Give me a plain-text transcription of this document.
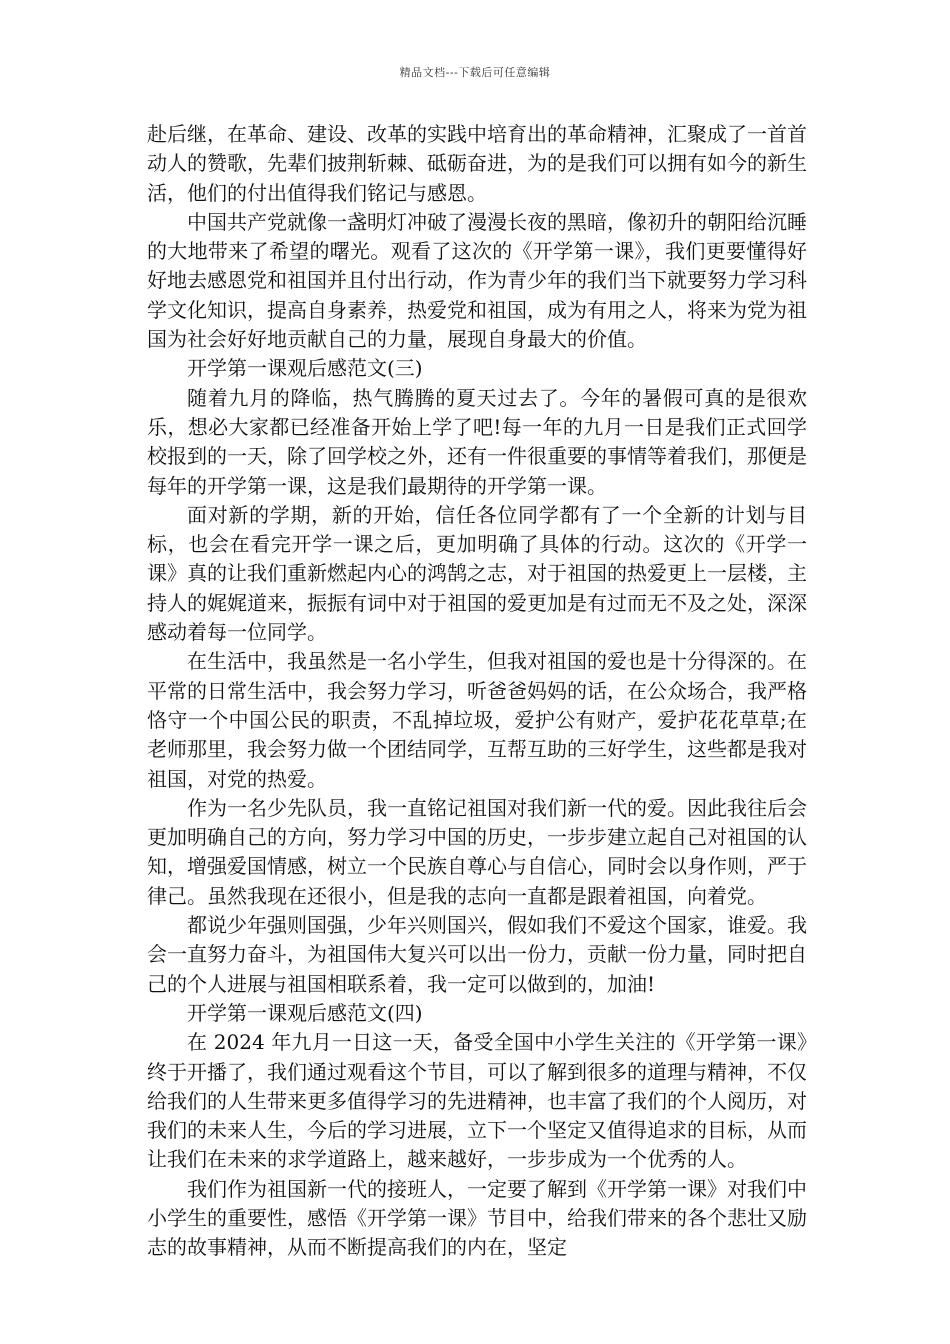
精品文档---下载后可任意编辑

赴后继，在革命、建设、改革的实践中培育出的革命精神，汇聚成了一首首动人的赞歌，先辈们披荆斩棘、砥砺奋进，为的是我们可以拥有如今的新生活，他们的付出值得我们铭记与感恩。

中国共产党就像一盏明灯冲破了漫漫长夜的黑暗，像初升的朝阳给沉睡的大地带来了希望的曙光。观看了这次的《开学第一课》，我们更要懂得好好地去感恩党和祖国并且付出行动，作为青少年的我们当下就要努力学习科学文化知识，提高自身素养，热爱党和祖国，成为有用之人，将来为党为祖国为社会好好地贡献自己的力量，展现自身最大的价值。

开学第一课观后感范文(三)

随着九月的降临，热气腾腾的夏天过去了。今年的暑假可真的是很欢乐，想必大家都已经准备开始上学了吧!每一年的九月一日是我们正式回学校报到的一天，除了回学校之外，还有一件很重要的事情等着我们，那便是每年的开学第一课，这是我们最期待的开学第一课。

面对新的学期，新的开始，信任各位同学都有了一个全新的计划与目标，也会在看完开学一课之后，更加明确了具体的行动。这次的《开学一课》真的让我们重新燃起内心的鸿鹄之志，对于祖国的热爱更上一层楼，主持人的娓娓道来，振振有词中对于祖国的爱更加是有过而无不及之处，深深感动着每一位同学。

在生活中，我虽然是一名小学生，但我对祖国的爱也是十分得深的。在平常的日常生活中，我会努力学习，听爸爸妈妈的话，在公众场合，我严格恪守一个中国公民的职责，不乱掉垃圾，爱护公有财产，爱护花花草草;在老师那里，我会努力做一个团结同学，互帮互助的三好学生，这些都是我对祖国，对党的热爱。

作为一名少先队员，我一直铭记祖国对我们新一代的爱。因此我往后会更加明确自己的方向，努力学习中国的历史，一步步建立起自己对祖国的认知，增强爱国情感，树立一个民族自尊心与自信心，同时会以身作则，严于律己。虽然我现在还很小，但是我的志向一直都是跟着祖国，向着党。

都说少年强则国强，少年兴则国兴，假如我们不爱这个国家，谁爱。我会一直努力奋斗，为祖国伟大复兴可以出一份力，贡献一份力量，同时把自己的个人进展与祖国相联系着，我一定可以做到的，加油!

开学第一课观后感范文(四)

在 2024 年九月一日这一天，备受全国中小学生关注的《开学第一课》终于开播了，我们通过观看这个节目，可以了解到很多的道理与精神，不仅给我们的人生带来更多值得学习的先进精神，也丰富了我们的个人阅历，对我们的未来人生，今后的学习进展，立下一个坚定又值得追求的目标，从而让我们在未来的求学道路上，越来越好，一步步成为一个优秀的人。

我们作为祖国新一代的接班人，一定要了解到《开学第一课》对我们中小学生的重要性，感悟《开学第一课》节目中，给我们带来的各个悲壮又励志的故事精神，从而不断提高我们的内在，坚定
